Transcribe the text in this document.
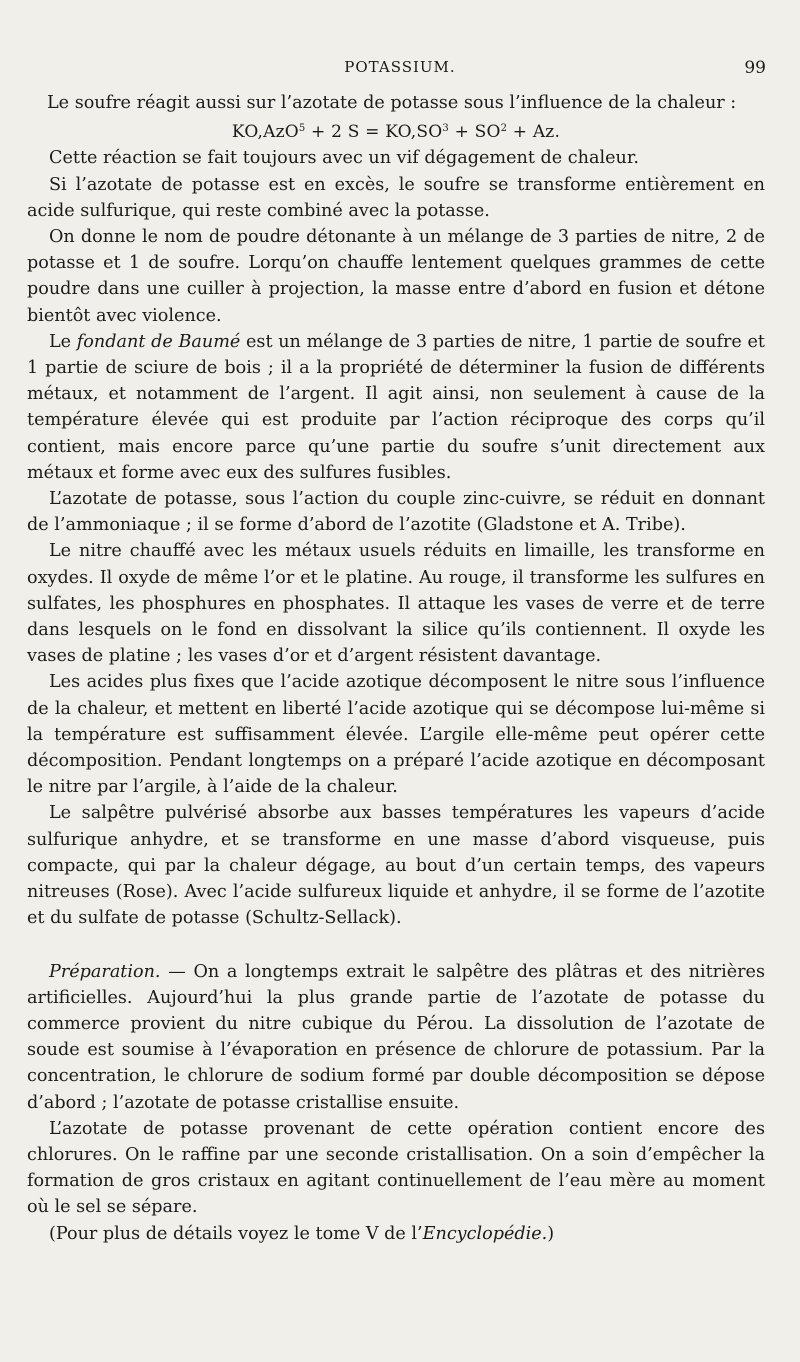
POTASSIUM.	99

Le soufre réagit aussi sur l’azotate de potasse sous l’influence de la chaleur :

KO,AzO$^5$ + 2 $S = KO,SO^3 + SO^2 + Az$.

Cette réaction se fait toujours avec un vif dégagement de chaleur.

Si l’azotate de potasse est en excès, le soufre se transforme entièrement en acide sulfurique, qui reste combiné avec la potasse.

On donne le nom de poudre détonante à un mélange de 3 parties de nitre, 2 de potasse et 1 de soufre. Lorqu’on chauffe lentement quelques grammes de cette poudre dans une cuiller à projection, la masse entre d’abord en fusion et détone bientôt avec violence.

Le fondant de Baumé est un mélange de 3 parties de nitre, 1 partie de soufre et 1 partie de sciure de bois ; il a la propriété de déterminer la fusion de différents métaux, et notamment de l’argent. Il agit ainsi, non seulement à cause de la température élevée qui est produite par l’action réciproque des corps qu’il contient, mais encore parce qu’une partie du soufre s’unit directement aux métaux et forme avec eux des sulfures fusibles.

L’azotate de potasse, sous l’action du couple zinc-cuivre, se réduit en donnant de l’ammoniaque ; il se forme d’abord de l’azotite (Gladstone et A. Tribe).

Le nitre chauffé avec les métaux usuels réduits en limaille, les transforme en oxydes. Il oxyde de même l’or et le platine. Au rouge, il transforme les sulfures en sulfates, les phosphures en phosphates. Il attaque les vases de verre et de terre dans lesquels on le fond en dissolvant la silice qu’ils contiennent. Il oxyde les vases de platine ; les vases d’or et d’argent résistent davantage.

Les acides plus fixes que l’acide azotique décomposent le nitre sous l’influence de la chaleur, et mettent en liberté l’acide azotique qui se décompose lui-même si la température est suffisamment élevée. L’argile elle-même peut opérer cette décomposition. Pendant longtemps on a préparé l’acide azotique en décomposant le nitre par l’argile, à l’aide de la chaleur.

Le salpêtre pulvérisé absorbe aux basses températures les vapeurs d’acide sulfurique anhydre, et se transforme en une masse d’abord visqueuse, puis compacte, qui par la chaleur dégage, au bout d’un certain temps, des vapeurs nitreuses (Rose). Avec l’acide sulfureux liquide et anhydre, il se forme de l’azotite et du sulfate de potasse (Schultz-Sellack).

Préparation. — On a longtemps extrait le salpêtre des plâtras et des nitrières artificielles. Aujourd’hui la plus grande partie de l’azotate de potasse du commerce provient du nitre cubique du Pérou. La dissolution de l’azotate de soude est soumise à l’évaporation en présence de chlorure de potassium. Par la concentration, le chlorure de sodium formé par double décomposition se dépose d’abord ; l’azotate de potasse cristallise ensuite.

L’azotate de potasse provenant de cette opération contient encore des chlorures. On le raffine par une seconde cristallisation. On a soin d’empêcher la formation de gros cristaux en agitant continuellement de l’eau mère au moment où le sel se sépare.

(Pour plus de détails voyez le tome V de l’Encyclopédie.)
